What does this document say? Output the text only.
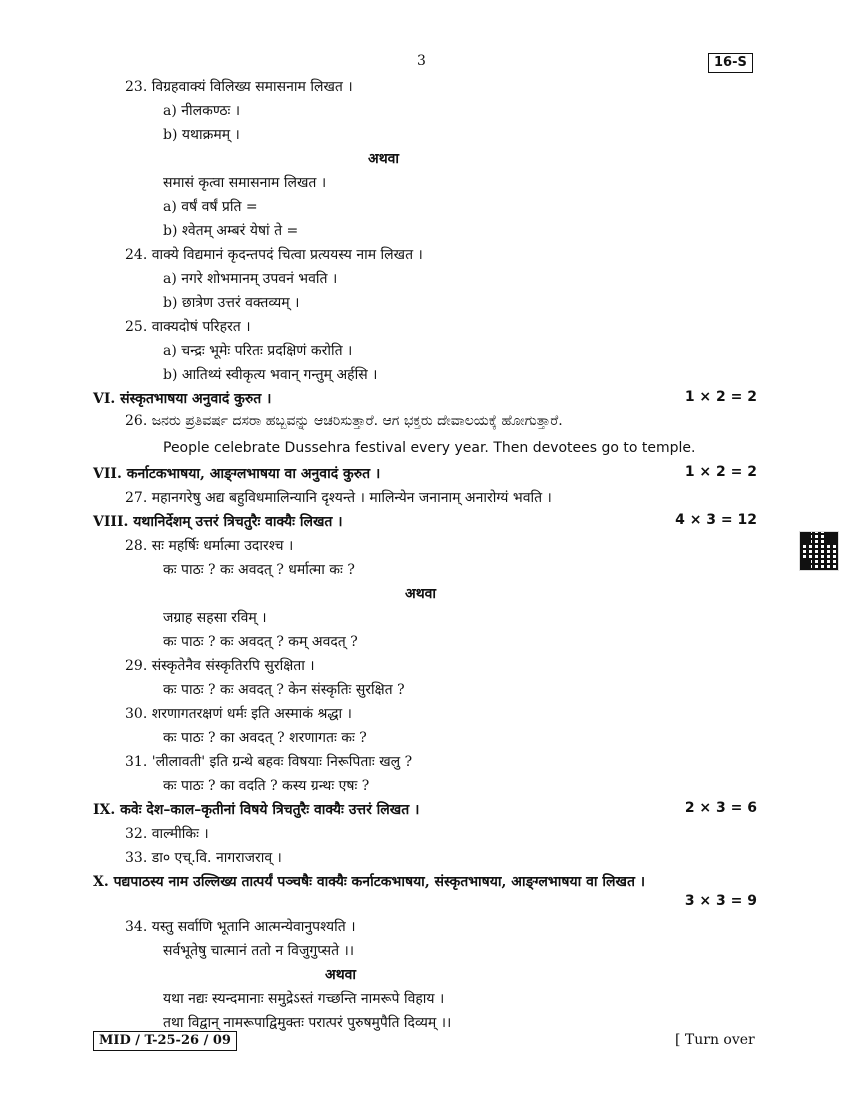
3	16-S
23. विग्रहवाक्यं विलिख्य समासनाम लिखत ।
a) नीलकण्ठः ।
b) यथाक्रमम् ।
अथवा
समासं कृत्वा समासनाम लिखत ।
a) वर्षं वर्षं प्रति =
b) श्वेतम् अम्बरं येषां ते =
24. वाक्ये विद्यमानं कृदन्तपदं चित्वा प्रत्ययस्य नाम लिखत ।
a) नगरे शोभमानम् उपवनं भवति ।
b) छात्रेण उत्तरं वक्तव्यम् ।
25. वाक्यदोषं परिहरत ।
a) चन्द्रः भूमेः परितः प्रदक्षिणं करोति ।
b) आतिथ्यं स्वीकृत्य भवान् गन्तुम् अर्हसि ।
VI. संस्कृतभाषया अनुवादं कुरुत ।
26. ಜನರು ಪ್ರತಿವರ್ಷ ದಸರಾ ಹಬ್ಬವನ್ನು ಆಚರಿಸುತ್ತಾರೆ. ಆಗ ಭಕ್ತರು ದೇವಾಲಯಕ್ಕೆ ಹೋಗುತ್ತಾರೆ.
People celebrate Dussehra festival every year. Then devotees go to temple.
VII. कर्नाटकभाषया, आङ्ग्लभाषया वा अनुवादं कुरुत ।
27. महानगरेषु अद्य बहुविधमालिन्यानि दृश्यन्ते । मालिन्येन जनानाम् अनारोग्यं भवति ।
VIII. यथानिर्देशम् उत्तरं त्रिचतुरैः वाक्यैः लिखत ।
28. सः महर्षिः धर्मात्मा उदारश्च ।
कः पाठः ? कः अवदत् ? धर्मात्मा कः ?
अथवा
जग्राह सहसा रविम् ।
कः पाठः ? कः अवदत् ? कम् अवदत् ?
29. संस्कृतेनैव संस्कृतिरपि सुरक्षिता ।
कः पाठः ? कः अवदत् ? केन संस्कृतिः सुरक्षित ?
30. शरणागतरक्षणं धर्मः इति अस्माकं श्रद्धा ।
कः पाठः ? का अवदत् ? शरणागतः कः ?
31. 'लीलावती' इति ग्रन्थे बहवः विषयाः निरूपिताः खलु ?
कः पाठः ? का वदति ? कस्य ग्रन्थः एषः ?
IX. कवेः देश–काल–कृतीनां विषये त्रिचतुरैः वाक्यैः उत्तरं लिखत ।
32. वाल्मीकिः ।
33. डा० एच्.वि. नागराजराव् ।
X. पद्यपाठस्य नाम उल्लिख्य तात्पर्यं पञ्चषैः वाक्यैः कर्नाटकभाषया, संस्कृतभाषया, आङ्ग्लभाषया वा लिखत ।
34. यस्तु सर्वाणि भूतानि आत्मन्येवानुपश्यति ।
सर्वभूतेषु चात्मानं ततो न विजुगुप्सते ।।
अथवा
यथा नद्यः स्यन्दमानाः समुद्रेऽस्तं गच्छन्ति नामरूपे विहाय ।
तथा विद्वान् नामरूपाद्विमुक्तः परात्परं पुरुषमुपैति दिव्यम् ।।
1 × 2 = 2
1 × 2 = 2
4 × 3 = 12
2 × 3 = 6
3 × 3 = 9
MID / T-25-26 / 09	[ Turn over
